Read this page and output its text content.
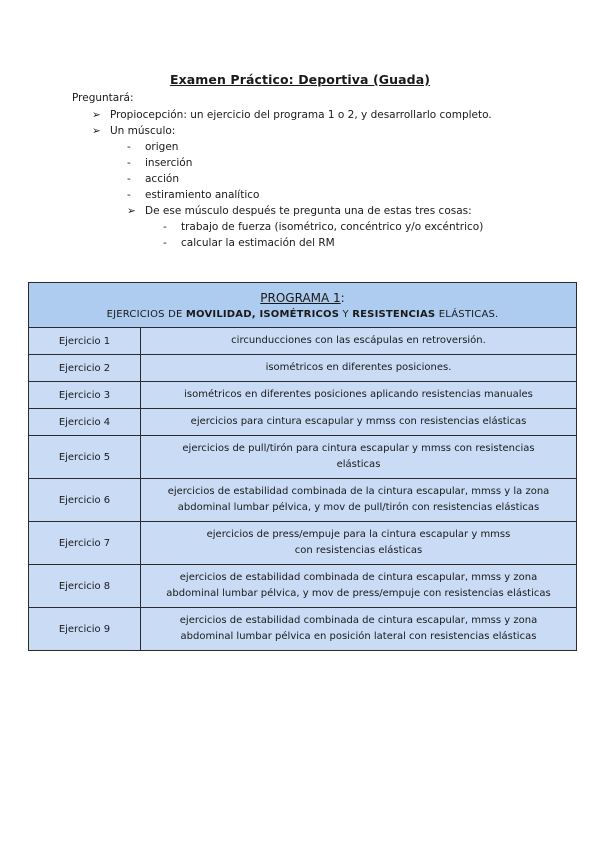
Examen Práctico: Deportiva (Guada)
Preguntará:
➢ Propiocepción: un ejercicio del programa 1 o 2, y desarrollarlo completo.
➢ Un músculo:
- origen
- inserción
- acción
- estiramiento analítico
➢ De ese músculo después te pregunta una de estas tres cosas:
- trabajo de fuerza (isométrico, concéntrico y/o excéntrico)
- calcular la estimación del RM
PROGRAMA 1:
EJERCICIOS DE MOVILIDAD, ISOMÉTRICOS Y RESISTENCIAS ELÁSTICAS.	

Ejercicio 1	circunducciones con las escápulas en retroversión.

Ejercicio 2	isométricos en diferentes posiciones.

Ejercicio 3	isométricos en diferentes posiciones aplicando resistencias manuales

Ejercicio 4	ejercicios para cintura escapular y mmss con resistencias elásticas

Ejercicio 5	ejercicios de pull/tirón para cintura escapular y mmss con resistencias
elásticas

Ejercicio 6	ejercicios de estabilidad combinada de la cintura escapular, mmss y la zona
abdominal lumbar pélvica, y mov de pull/tirón con resistencias elásticas

Ejercicio 7	ejercicios de press/empuje para la cintura escapular y mmss
con resistencias elásticas

Ejercicio 8	ejercicios de estabilidad combinada de cintura escapular, mmss y zona
abdominal lumbar pélvica, y mov de press/empuje con resistencias elásticas

Ejercicio 9	ejercicios de estabilidad combinada de cintura escapular, mmss y zona
abdominal lumbar pélvica en posición lateral con resistencias elásticas
